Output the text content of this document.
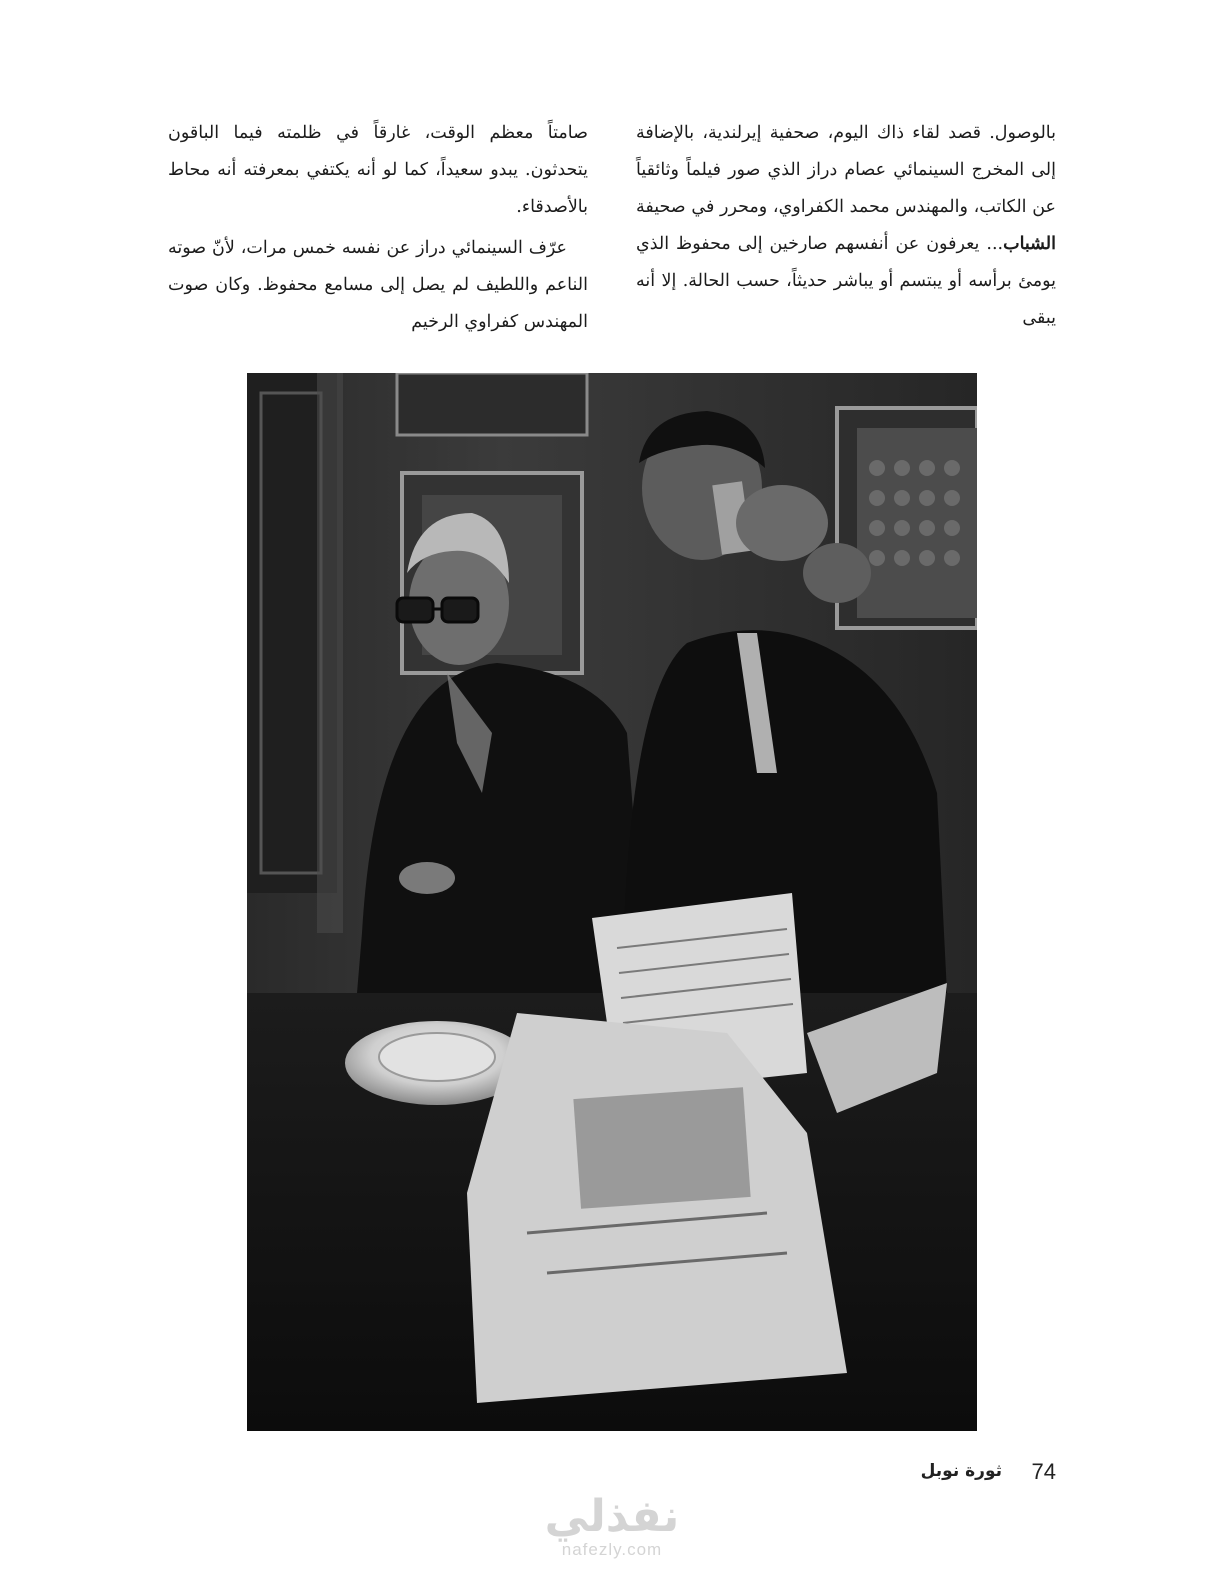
بالوصول. قصد لقاء ذاك اليوم، صحفية إيرلندية، بالإضافة إلى المخرج السينمائي عصام دراز الذي صور فيلماً وثائقياً عن الكاتب، والمهندس محمد الكفراوي، ومحرر في صحيفة الشباب... يعرفون عن أنفسهم صارخين إلى محفوظ الذي يومئ برأسه أو يبتسم أو يباشر حديثاً، حسب الحالة. إلا أنه يبقى

صامتاً معظم الوقت، غارقاً في ظلمته فيما الباقون يتحدثون. يبدو سعيداً، كما لو أنه يكتفي بمعرفته أنه محاط بالأصدقاء.

عرّف السينمائي دراز عن نفسه خمس مرات، لأنّ صوته الناعم واللطيف لم يصل إلى مسامع محفوظ. وكان صوت المهندس كفراوي الرخيم

74
ثورة نوبل
نفذلي
nafezly.com
